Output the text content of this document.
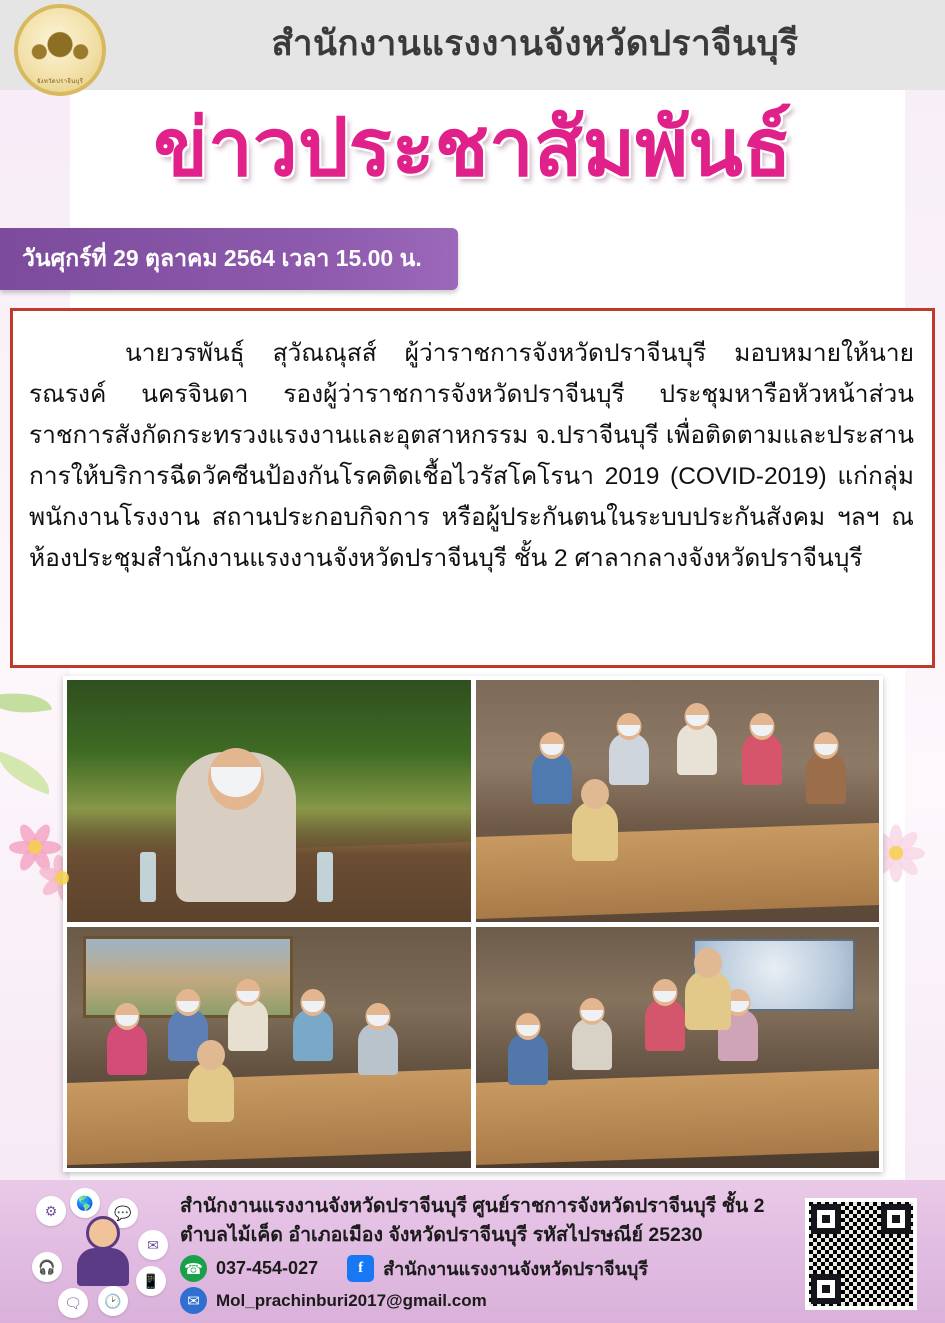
จังหวัดปราจีนบุรี
สำนักงานแรงงานจังหวัดปราจีนบุรี
ข่าวประชาสัมพันธ์
วันศุกร์ที่ 29 ตุลาคม 2564 เวลา 15.00 น.
นายวรพันธุ์ สุวัณณุสส์ ผู้ว่าราชการจังหวัดปราจีนบุรี มอบหมายให้นายรณรงค์ นครจินดา รองผู้ว่าราชการจังหวัดปราจีนบุรี ประชุมหารือหัวหน้าส่วนราชการสังกัดกระทรวงแรงงานและอุตสาหกรรม จ.ปราจีนบุรี เพื่อติดตามและประสานการให้บริการฉีดวัคซีนป้องกันโรคติดเชื้อไวรัสโคโรนา 2019 (COVID-2019) แก่กลุ่มพนักงานโรงงาน สถานประกอบกิจการ หรือผู้ประกันตนในระบบประกันสังคม ฯลฯ ณ ห้องประชุมสำนักงานแรงงานจังหวัดปราจีนบุรี ชั้น 2 ศาลากลางจังหวัดปราจีนบุรี
⚙	🌎
💬
✉
📱
🕑
🗨
🎧
สำนักงานแรงงานจังหวัดปราจีนบุรี ศูนย์ราชการจังหวัดปราจีนบุรี ชั้น 2
ตำบลไม้เค็ด อำเภอเมือง จังหวัดปราจีนบุรี รหัสไปรษณีย์ 25230
☎ 037-454-027	f	สำนักงานแรงงานจังหวัดปราจีนบุรี
✉ Mol_prachinburi2017@gmail.com
